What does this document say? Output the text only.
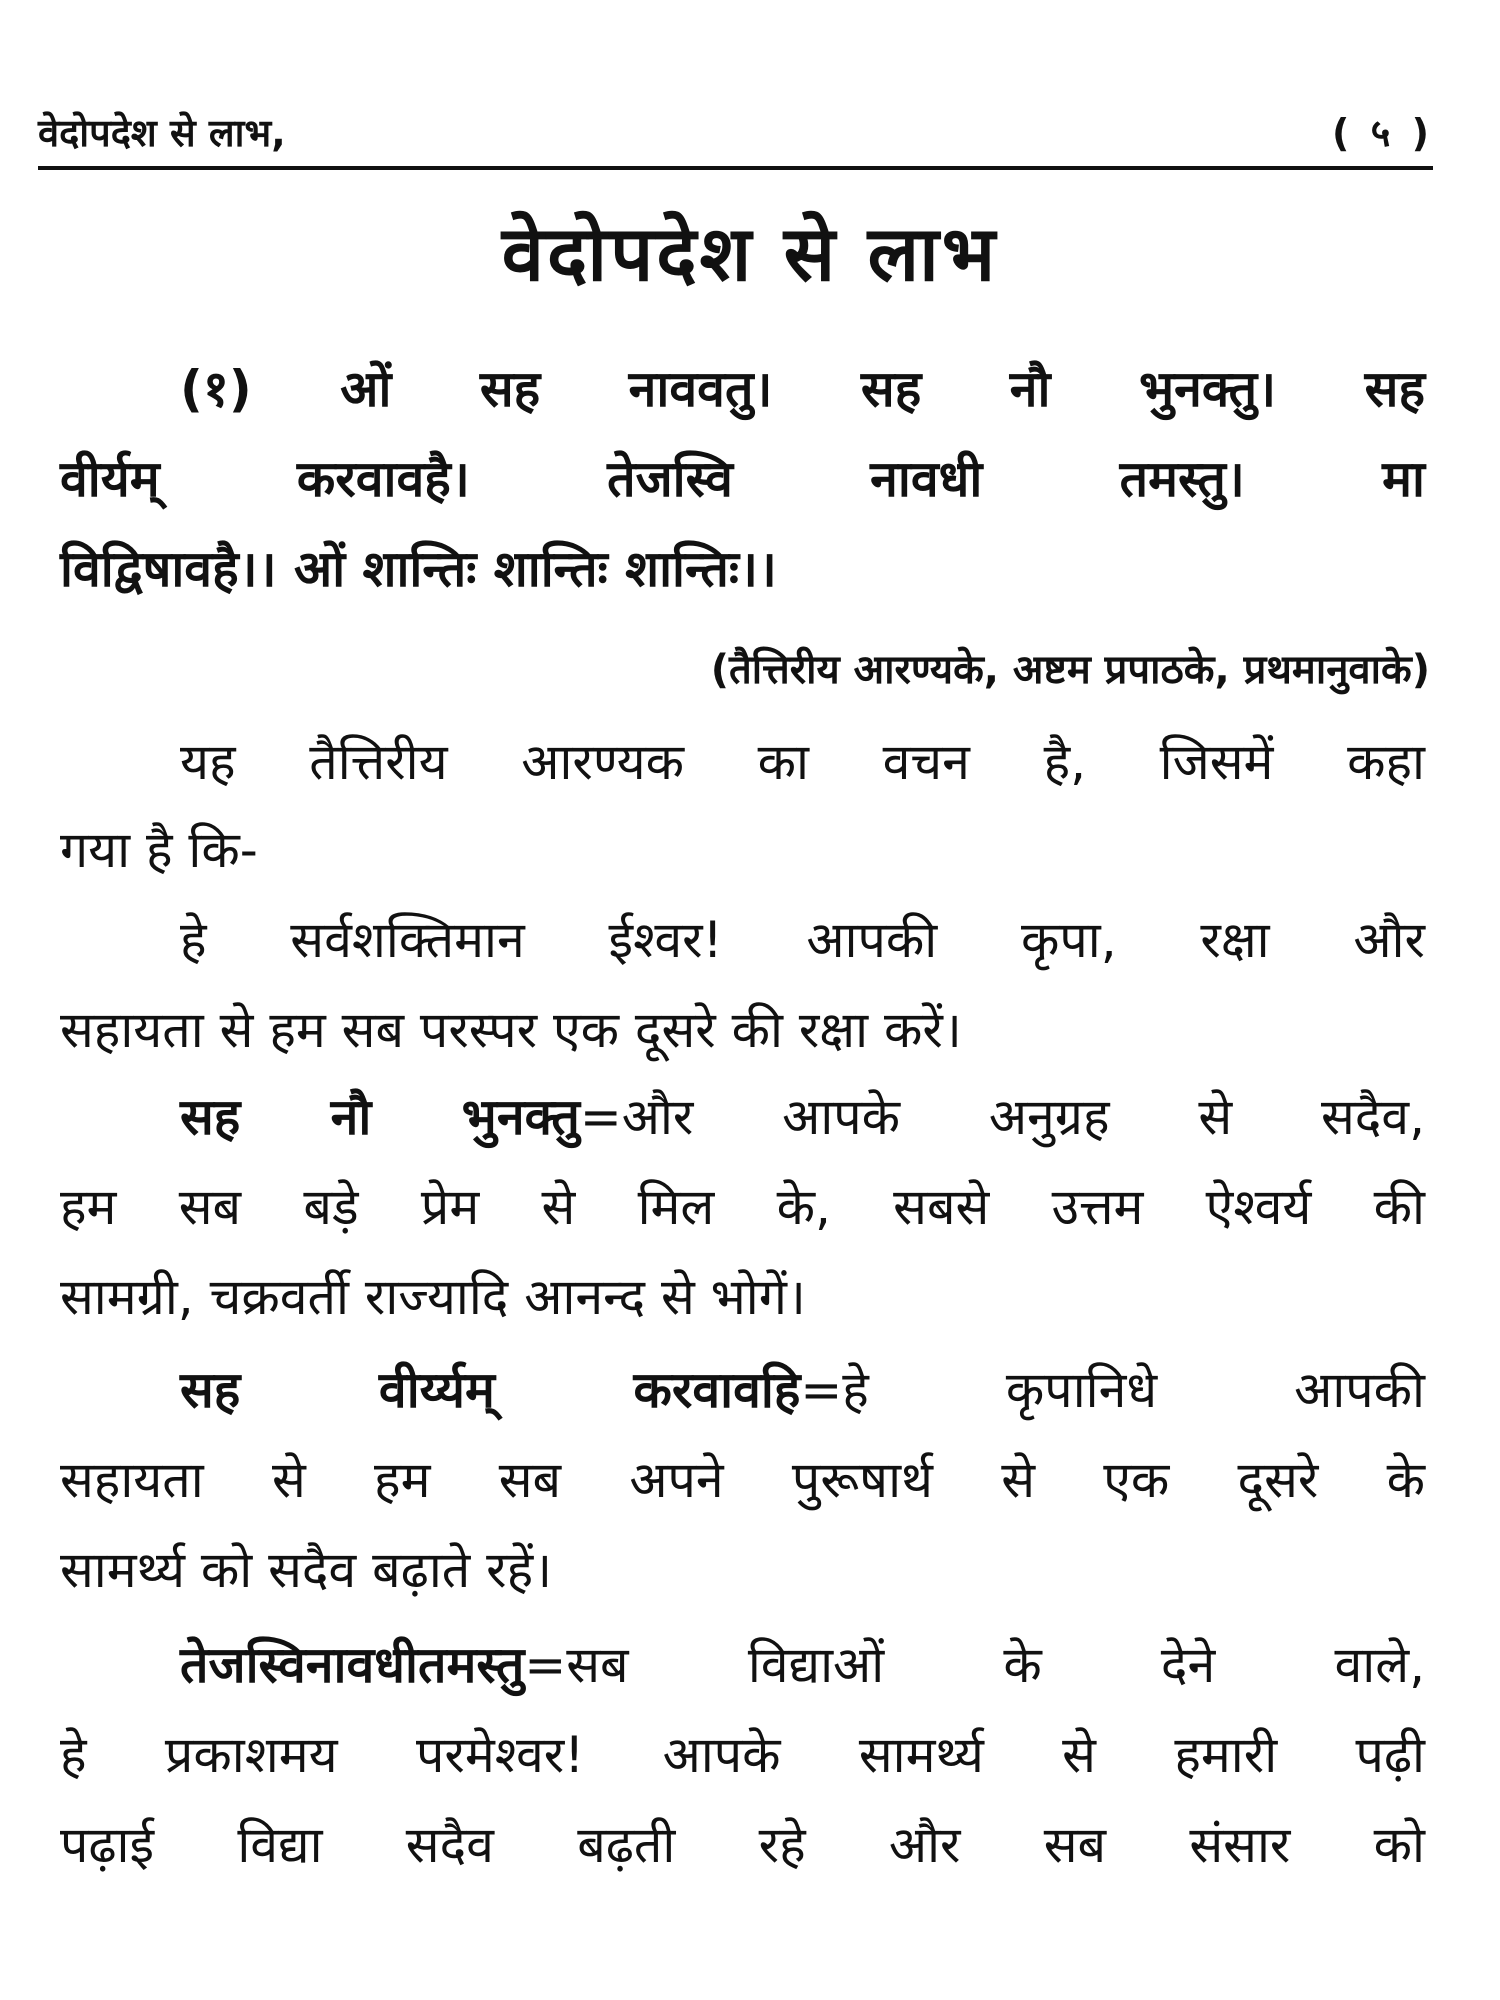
वेदोपदेश से लाभ,	( ५ )
वेदोपदेश से लाभ
(१) ओं सह नाववतु। सह नौ भुनक्तु। सह
वीर्यम् करवावहै। तेजस्वि नावधी तमस्तु। मा
विद्विषावहै।। ओं शान्तिः शान्तिः शान्तिः।।
(तैत्तिरीय आरण्यके, अष्टम प्रपाठके, प्रथमानुवाके)
यह तैत्तिरीय आरण्यक का वचन है, जिसमें कहा
गया है कि-
हे सर्वशक्तिमान ईश्वर! आपकी कृपा, रक्षा और
सहायता से हम सब परस्पर एक दूसरे की रक्षा करें।
सह नौ भुनक्तु=और आपके अनुग्रह से सदैव,
हम सब बड़े प्रेम से मिल के, सबसे उत्तम ऐश्वर्य की
सामग्री, चक्रवर्ती राज्यादि आनन्द से भोगें।
सह वीर्य्यम् करवावहि=हे कृपानिधे आपकी
सहायता से हम सब अपने पुरूषार्थ से एक दूसरे के
सामर्थ्य को सदैव बढ़ाते रहें।
तेजस्विनावधीतमस्तु=सब विद्याओं के देने वाले,
हे प्रकाशमय परमेश्वर! आपके सामर्थ्य से हमारी पढ़ी
पढ़ाई विद्या सदैव बढ़ती रहे और सब संसार को
